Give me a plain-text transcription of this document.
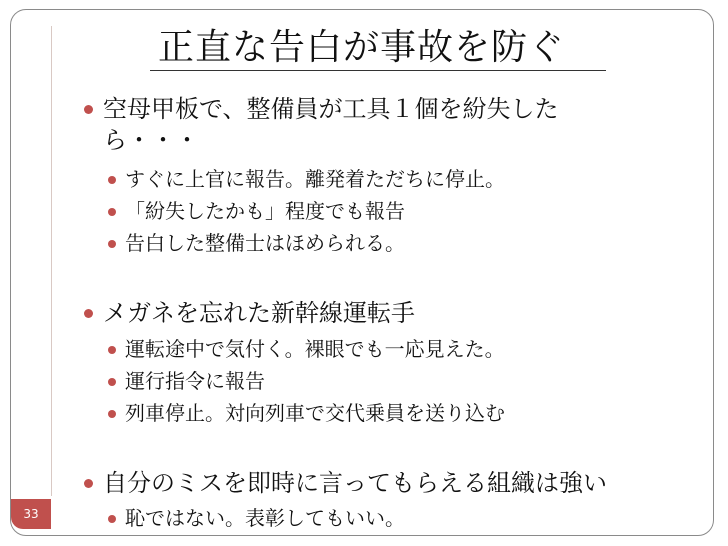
正直な告白が事故を防ぐ
空母甲板で、整備員が工具１個を紛失した
ら・・・
すぐに上官に報告。離発着ただちに停止。
「紛失したかも」程度でも報告
告白した整備士はほめられる。
メガネを忘れた新幹線運転手
運転途中で気付く。裸眼でも一応見えた。
運行指令に報告
列車停止。対向列車で交代乗員を送り込む
自分のミスを即時に言ってもらえる組織は強い
恥ではない。表彰してもいい。
33
